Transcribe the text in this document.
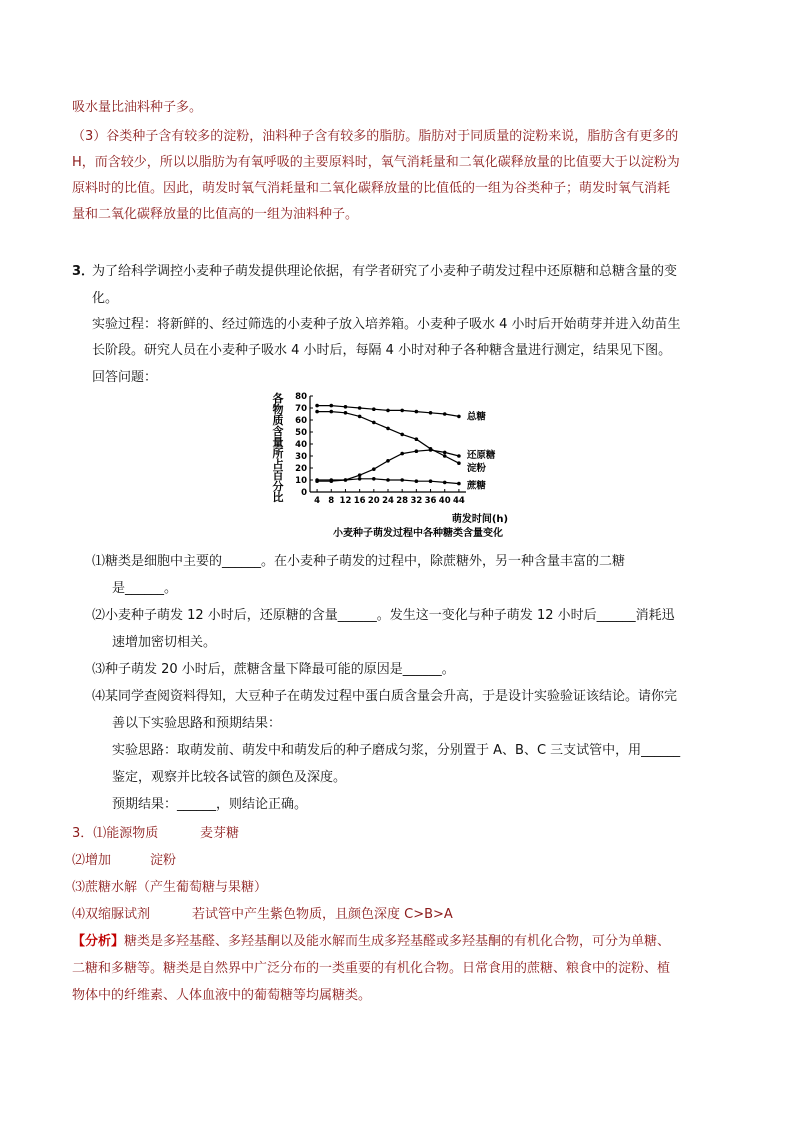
吸水量比油料种子多。
（3）谷类种子含有较多的淀粉，油料种子含有较多的脂肪。脂肪对于同质量的淀粉来说，脂肪含有更多的
H，而含较少，所以以脂肪为有氧呼吸的主要原料时，氧气消耗量和二氧化碳释放量的比值要大于以淀粉为
原料时的比值。因此，萌发时氧气消耗量和二氧化碳释放量的比值低的一组为谷类种子；萌发时氧气消耗
量和二氧化碳释放量的比值高的一组为油料种子。
3．
为了给科学调控小麦种子萌发提供理论依据，有学者研究了小麦种子萌发过程中还原糖和总糖含量的变
化。
实验过程：将新鲜的、经过筛选的小麦种子放入培养箱。小麦种子吸水 4 小时后开始萌芽并进入幼苗生
长阶段。研究人员在小麦种子吸水 4 小时后，每隔 4 小时对种子各种糖含量进行测定，结果见下图。
回答问题：
各
物
质
含
量
所
占
百
分
比 0
10
20
30
40
50
60
70
80
4 8 12 16 20 24 28 32 36 40 44
总糖
还原糖
淀粉
蔗糖
萌发时间(h)
小麦种子萌发过程中各种糖类含量变化
⑴糖类是细胞中主要的______。在小麦种子萌发的过程中，除蔗糖外，另一种含量丰富的二糖
是______。
⑵小麦种子萌发 12 小时后，还原糖的含量______。发生这一变化与种子萌发 12 小时后______消耗迅
速增加密切相关。
⑶种子萌发 20 小时后，蔗糖含量下降最可能的原因是______。
⑷某同学查阅资料得知，大豆种子在萌发过程中蛋白质含量会升高，于是设计实验验证该结论。请你完
善以下实验思路和预期结果：
实验思路：取萌发前、萌发中和萌发后的种子磨成匀浆，分别置于 A、B、C 三支试管中，用______
鉴定，观察并比较各试管的颜色及深度。
预期结果：______，则结论正确。
3．⑴能源物质	麦芽糖
⑵增加	淀粉
⑶蔗糖水解（产生葡萄糖与果糖）
⑷双缩脲试剂	若试管中产生紫色物质，且颜色深度 C>B>A
【分析】糖类是多羟基醛、多羟基酮以及能水解而生成多羟基醛或多羟基酮的有机化合物，可分为单糖、
二糖和多糖等。糖类是自然界中广泛分布的一类重要的有机化合物。日常食用的蔗糖、粮食中的淀粉、植
物体中的纤维素、人体血液中的葡萄糖等均属糖类。
